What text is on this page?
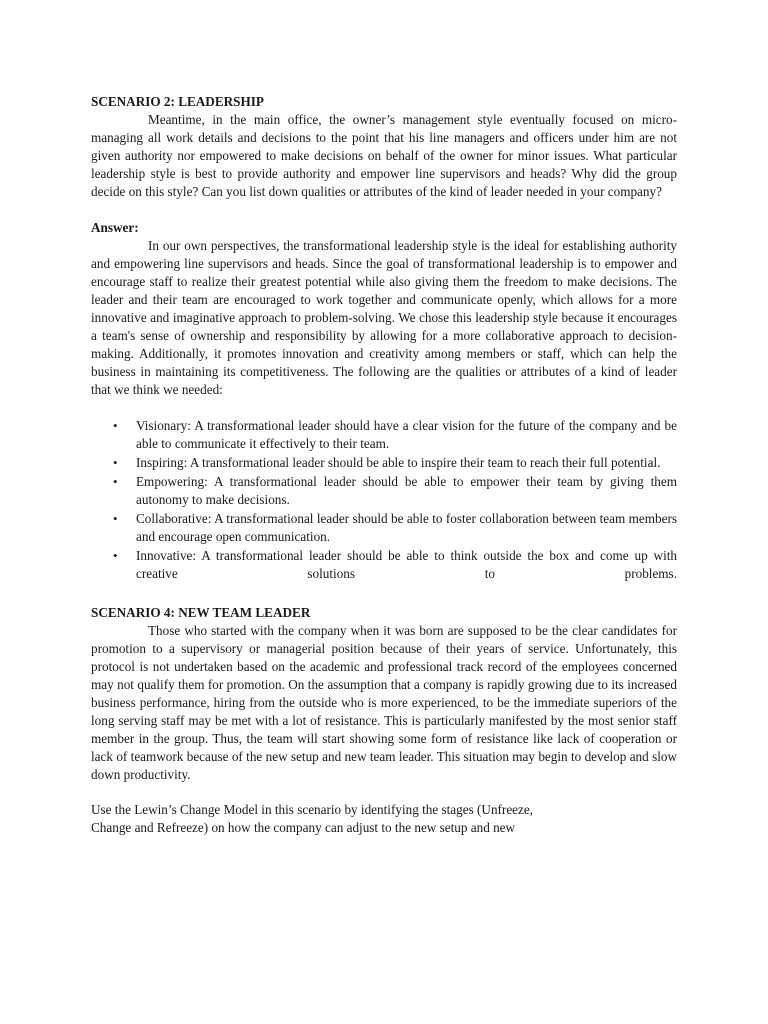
SCENARIO 2: LEADERSHIP

Meantime, in the main office, the owner’s management style eventually focused on micro-managing all work details and decisions to the point that his line managers and officers under him are not given authority nor empowered to make decisions on behalf of the owner for minor issues. What particular leadership style is best to provide authority and empower line supervisors and heads? Why did the group decide on this style? Can you list down qualities or attributes of the kind of leader needed in your company?

Answer:

In our own perspectives, the transformational leadership style is the ideal for establishing authority and empowering line supervisors and heads. Since the goal of transformational leadership is to empower and encourage staff to realize their greatest potential while also giving them the freedom to make decisions. The leader and their team are encouraged to work together and communicate openly, which allows for a more innovative and imaginative approach to problem-solving. We chose this leadership style because it encourages a team's sense of ownership and responsibility by allowing for a more collaborative approach to decision-making. Additionally, it promotes innovation and creativity among members or staff, which can help the business in maintaining its competitiveness. The following are the qualities or attributes of a kind of leader that we think we needed:

• Visionary: A transformational leader should have a clear vision for the future of the company and be able to communicate it effectively to their team.
• Inspiring: A transformational leader should be able to inspire their team to reach their full potential.
• Empowering: A transformational leader should be able to empower their team by giving them autonomy to make decisions.
• Collaborative: A transformational leader should be able to foster collaboration between team members and encourage open communication.
• Innovative: A transformational leader should be able to think outside the box and come up with creative solutions to problems.

SCENARIO 4: NEW TEAM LEADER

Those who started with the company when it was born are supposed to be the clear candidates for promotion to a supervisory or managerial position because of their years of service. Unfortunately, this protocol is not undertaken based on the academic and professional track record of the employees concerned may not qualify them for promotion. On the assumption that a company is rapidly growing due to its increased business performance, hiring from the outside who is more experienced, to be the immediate superiors of the long serving staff may be met with a lot of resistance. This is particularly manifested by the most senior staff member in the group. Thus, the team will start showing some form of resistance like lack of cooperation or lack of teamwork because of the new setup and new team leader. This situation may begin to develop and slow down productivity.

Use the Lewin’s Change Model in this scenario by identifying the stages (Unfreeze,

Change and Refreeze) on how the company can adjust to the new setup and new
